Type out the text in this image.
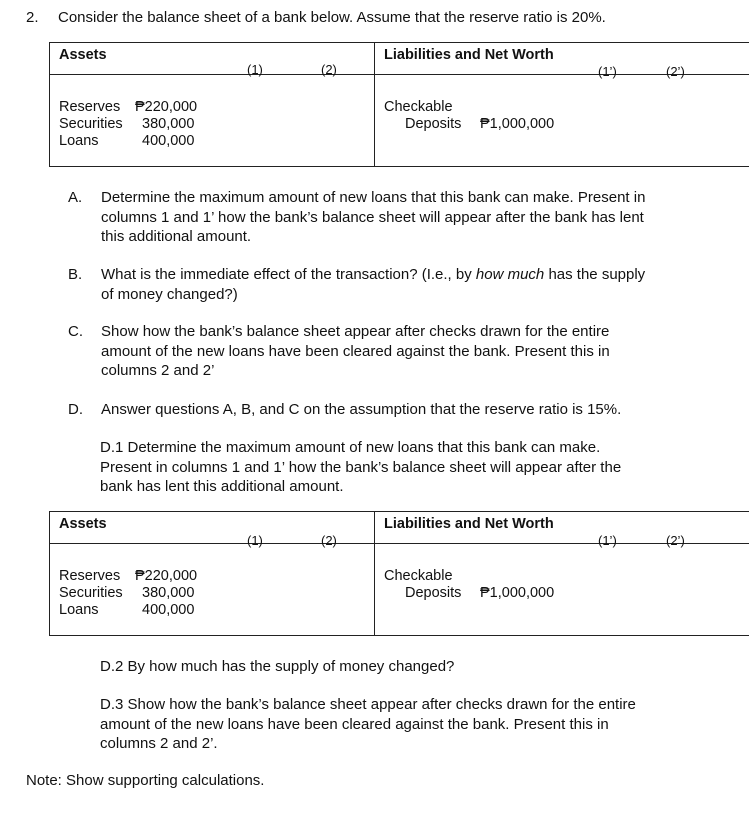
2. Consider the balance sheet of a bank below. Assume that the reserve ratio is 20%.
Assets
(1)	(2)
Liabilities and Net Worth
(1’)	(2’)
Reserves ₱220,000
Securities 380,000
Loans	400,000
Checkable
Deposits ₱1,000,000
A. Determine the maximum amount of new loans that this bank can make. Present in
columns 1 and 1’ how the bank’s balance sheet will appear after the bank has lent
this additional amount.
B. What is the immediate effect of the transaction? (I.e., by how much has the supply
of money changed?)
C. Show how the bank’s balance sheet appear after checks drawn for the entire
amount of the new loans have been cleared against the bank. Present this in
columns 2 and 2’
D. Answer questions A, B, and C on the assumption that the reserve ratio is 15%.
D.1 Determine the maximum amount of new loans that this bank can make.
Present in columns 1 and 1’ how the bank’s balance sheet will appear after the
bank has lent this additional amount.
Assets
(1)	(2)
Liabilities and Net Worth
(1’)	(2’)
Reserves ₱220,000
Securities 380,000
Loans	400,000
Checkable
Deposits ₱1,000,000
D.2 By how much has the supply of money changed?
D.3 Show how the bank’s balance sheet appear after checks drawn for the entire
amount of the new loans have been cleared against the bank. Present this in
columns 2 and 2’.
Note: Show supporting calculations.
